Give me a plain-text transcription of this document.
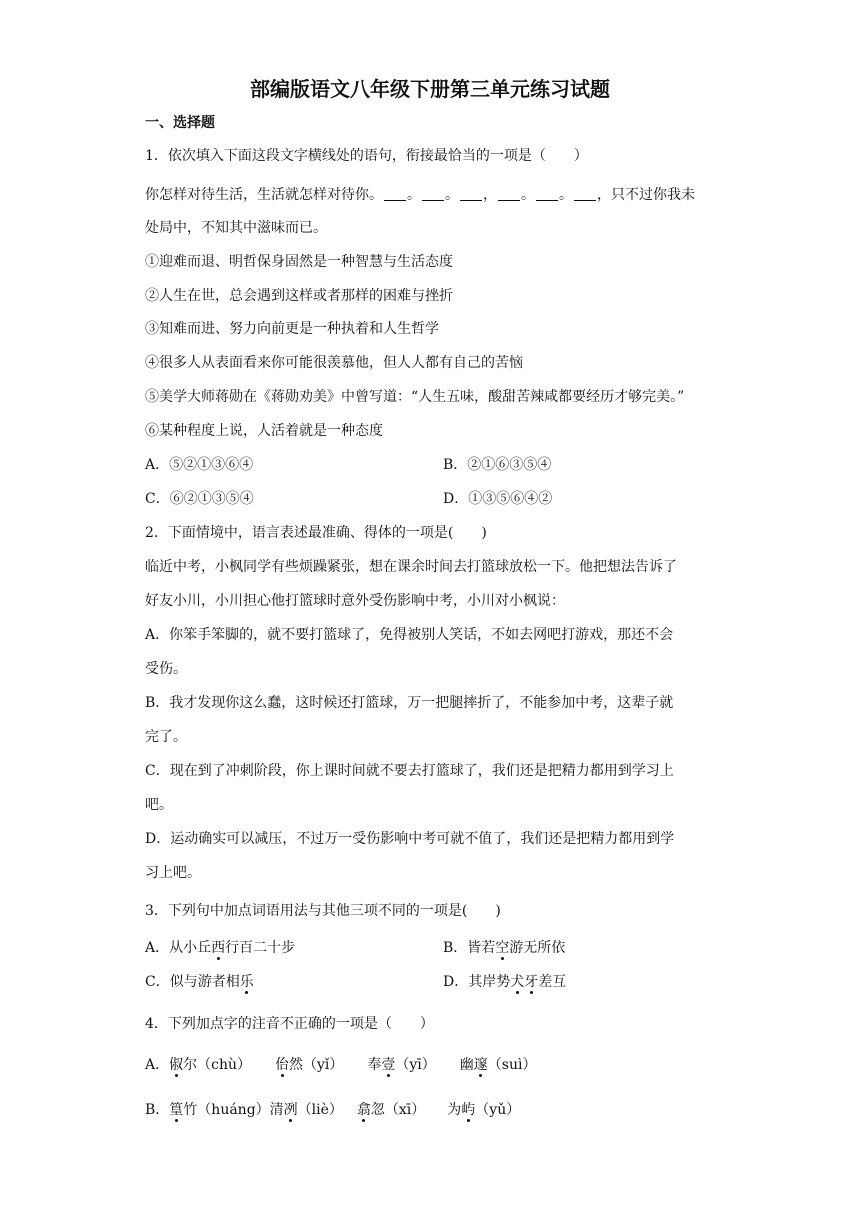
部编版语文八年级下册第三单元练习试题
一、选择题
1．依次填入下面这段文字横线处的语句，衔接最恰当的一项是（　　）
你怎样对待生活，生活就怎样对待你。 。 。 ， 。 。 ，只不过你我未
处局中，不知其中滋味而已。
①迎难而退、明哲保身固然是一种智慧与生活态度
②人生在世，总会遇到这样或者那样的困难与挫折
③知难而进、努力向前更是一种执着和人生哲学
④很多人从表面看来你可能很羡慕他，但人人都有自己的苦恼
⑤美学大师蒋勋在《蒋勋劝美》中曾写道：“人生五味，酸甜苦辣咸都要经历才够完美。”
⑥某种程度上说，人活着就是一种态度
A．⑤②①③⑥④	B．②①⑥③⑤④
C．⑥②①③⑤④	D．①③⑤⑥④②
2．下面情境中，语言表述最准确、得体的一项是(　　)
临近中考，小枫同学有些烦躁紧张，想在课余时间去打篮球放松一下。他把想法告诉了
好友小川，小川担心他打篮球时意外受伤影响中考，小川对小枫说：
A．你笨手笨脚的，就不要打篮球了，免得被别人笑话，不如去网吧打游戏，那还不会
受伤。
B．我才发现你这么蠢，这时候还打篮球，万一把腿摔折了，不能参加中考，这辈子就
完了。
C．现在到了冲刺阶段，你上课时间就不要去打篮球了，我们还是把精力都用到学习上
吧。
D．运动确实可以减压，不过万一受伤影响中考可就不值了，我们还是把精力都用到学
习上吧。
3．下列句中加点词语用法与其他三项不同的一项是(　　)
A．从小丘西行百二十步	B．皆若空游无所依
C．似与游者相乐	D．其岸势犬牙差互
4．下列加点字的注音不正确的一项是（　　）
A．俶尔（chù） 佁然（yǐ） 奉壹（yī） 幽邃（suì）
B．篁竹（huáng）清冽（liè） 翕忽（xī） 为屿（yǔ）
